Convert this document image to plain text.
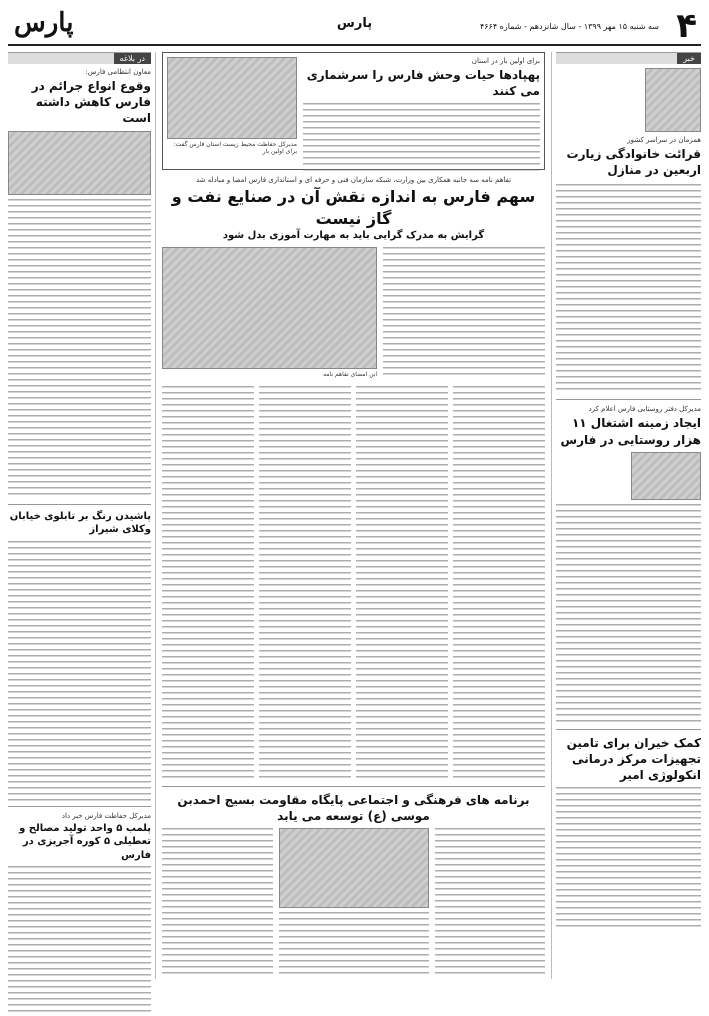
۴
سه شنبه ۱۵ مهر ۱۳۹۹ - سال شانزدهم - شماره ۴۶۶۴
پارس
پارس
خبر
همزمان در سراسر کشور
قرائت خانوادگی زیارت اربعین در منازل
مدیرکل دفتر روستایی فارس اعلام کرد
ایجاد زمینه اشتغال ۱۱ هزار روستایی در فارس
کمک خیران برای تامین تجهیزات مرکز درمانی انکولوژی امیر
برای اولین بار در استان
پهپادها حیات وحش فارس را سرشماری می کنند
مدیرکل حفاظت محیط زیست استان فارس گفت: برای اولین بار
تفاهم نامه سه جانبه همکاری بین وزارت، شبکه سازمان فنی و حرفه ای و استانداری فارس امضا و مبادله شد
سهم فارس به اندازه نقش آن در صنایع نفت و گاز نیست
گرایش به مدرک گرایی باید به مهارت آموزی بدل شود
ابن امضای تفاهم نامه
برنامه های فرهنگی و اجتماعی پایگاه مقاومت بسیج احمدبن موسی (ع) توسعه می یابد
در بلاغه
معاون انتظامی فارس:
وقوع انواع جرائم در فارس کاهش داشته است
پاشیدن رنگ بر تابلوی خیابان وکلای شیراز
مدیرکل حفاظت فارس خبر داد
پلمب ۵ واحد تولید مصالح و تعطیلی ۵ کوره آجرپزی در فارس
